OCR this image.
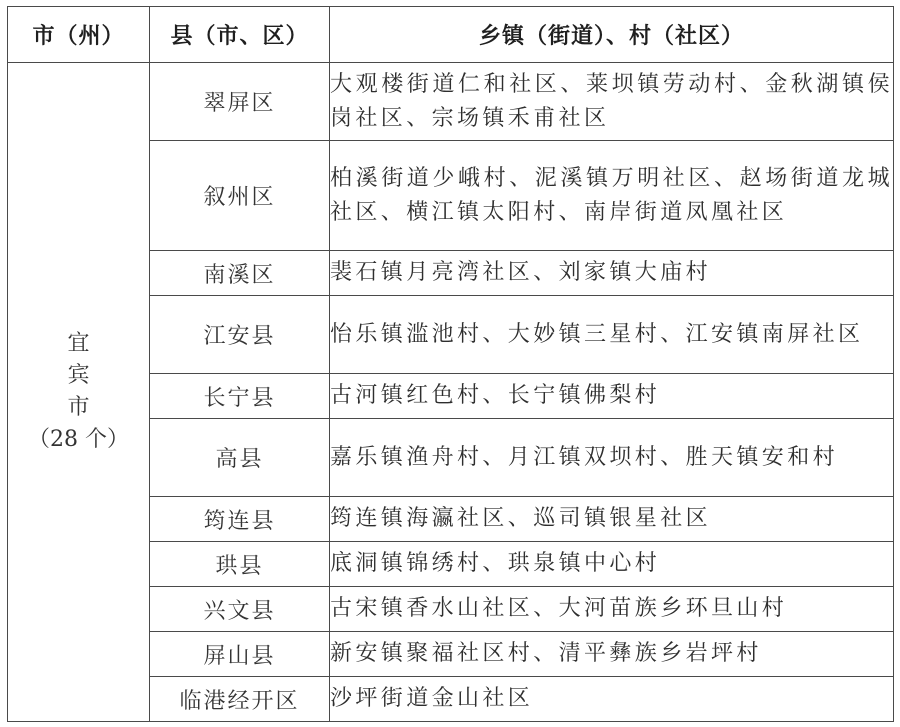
市（州）	县（市、区）	乡镇（街道）、村（社区）

宜
宾
市
（28 个）	翠屏区	大观楼街道仁和社区、莱坝镇劳动村、金秋湖镇侯岗社区、宗场镇禾甫社区
	叙州区	柏溪街道少峨村、泥溪镇万明社区、赵场街道龙城社区、横江镇太阳村、南岸街道凤凰社区
	南溪区	裴石镇月亮湾社区、刘家镇大庙村
	江安县	怡乐镇滥池村、大妙镇三星村、江安镇南屏社区
	长宁县	古河镇红色村、长宁镇佛梨村
	高县	嘉乐镇渔舟村、月江镇双坝村、胜天镇安和村
	筠连县	筠连镇海瀛社区、巡司镇银星社区
	珙县	底洞镇锦绣村、珙泉镇中心村
	兴文县	古宋镇香水山社区、大河苗族乡环旦山村
	屏山县	新安镇聚福社区村、清平彝族乡岩坪村
	临港经开区	沙坪街道金山社区
